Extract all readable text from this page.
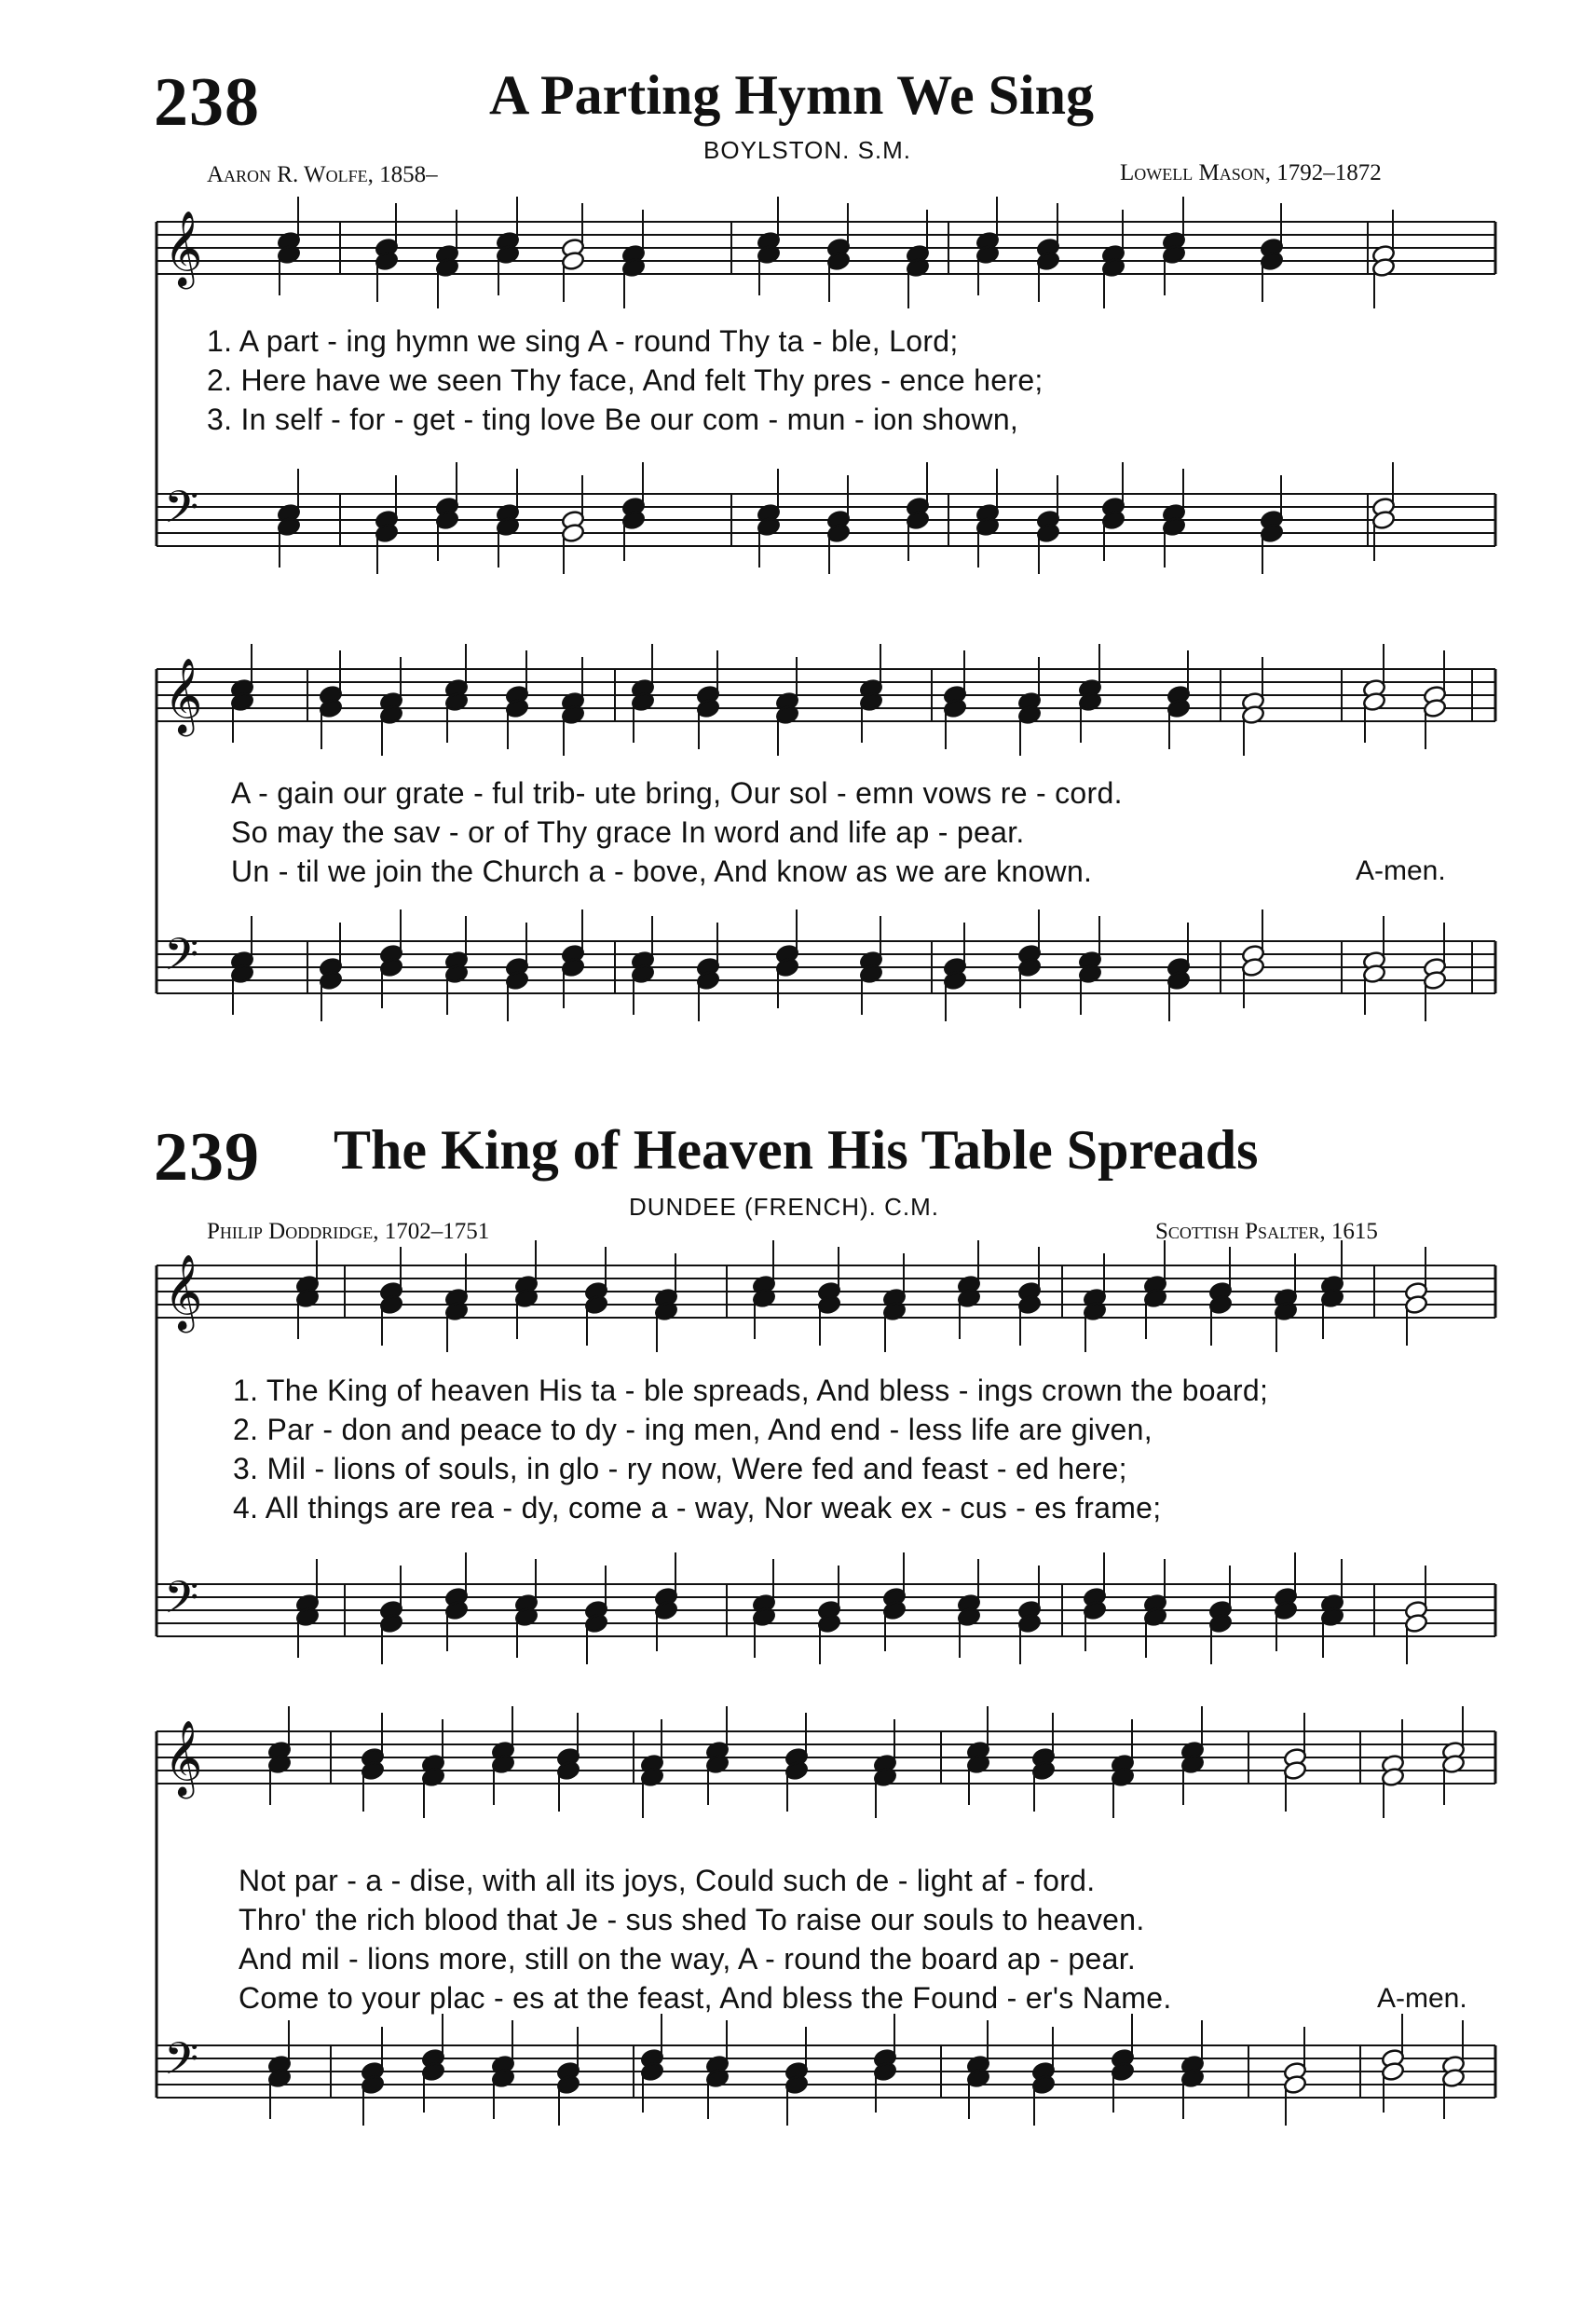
238	A Parting Hymn We Sing
BOYLSTON. S.M.
Aaron R. Wolfe, 1858–	Lowell Mason, 1792–1872
𝄞
𝄢
𝄞
𝄢
𝄞
𝄢
𝄞
𝄢
1. A part - ing hymn we sing A - round Thy ta - ble, Lord;
2. Here have we seen Thy face, And felt Thy pres - ence here;
3. In self - for - get - ting love Be our com - mun - ion shown,
A - gain our grate - ful trib- ute bring, Our sol - emn vows re - cord.
So may the sav - or of Thy grace In word and life ap - pear.
Un - til we join the Church a - bove, And know as we are known.	A-men.
239 The King of Heaven His Table Spreads
DUNDEE (FRENCH). C.M.
Philip Doddridge, 1702–1751	Scottish Psalter, 1615
1. The King of heaven His ta - ble spreads, And bless - ings crown the board;
2. Par - don and peace to dy - ing men, And end - less life are given,
3. Mil - lions of souls, in glo - ry now, Were fed and feast - ed here;
4. All things are rea - dy, come a - way, Nor weak ex - cus - es frame;
Not par - a - dise, with all its joys, Could such de - light af - ford.
Thro' the rich blood that Je - sus shed To raise our souls to heaven.
And mil - lions more, still on the way, A - round the board ap - pear.
Come to your plac - es at the feast, And bless the Found - er's Name.	A-men.
